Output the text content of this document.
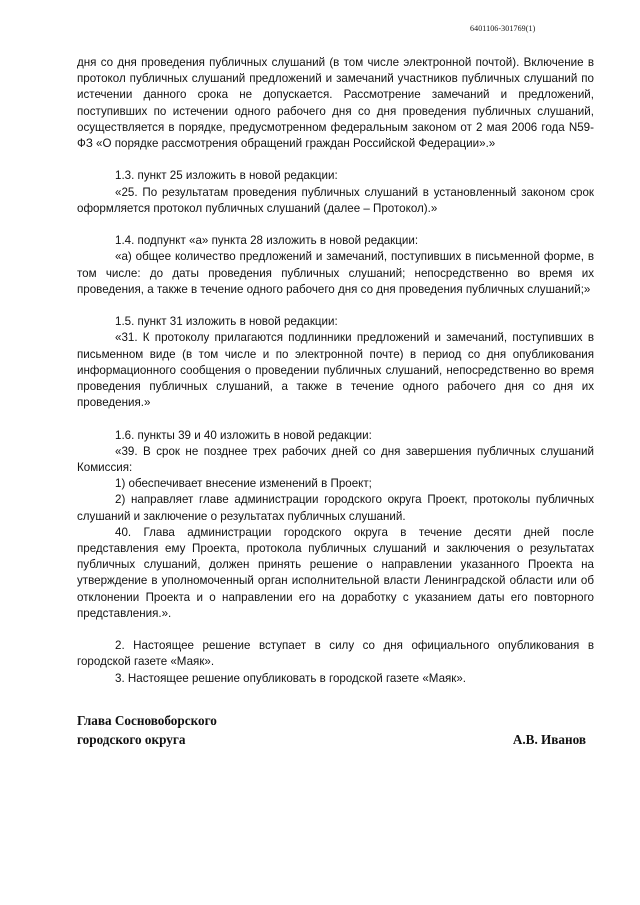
6401106-301769(1)

дня со дня проведения публичных слушаний (в том числе электронной почтой). Включение в протокол публичных слушаний предложений и замечаний участников публичных слушаний по истечении данного срока не допускается. Рассмотрение замечаний и предложений, поступивших по истечении одного рабочего дня со дня проведения публичных слушаний, осуществляется в порядке, предусмотренном федеральным законом от 2 мая 2006 года N59-ФЗ «О порядке рассмотрения обращений граждан Российской Федерации».»

1.3. пункт 25 изложить в новой редакции:

«25. По результатам проведения публичных слушаний в установленный законом срок оформляется протокол публичных слушаний (далее – Протокол).»

1.4. подпункт «а» пункта 28 изложить в новой редакции:

«а) общее количество предложений и замечаний, поступивших в письменной форме, в том числе: до даты проведения публичных слушаний; непосредственно во время их проведения, а также в течение одного рабочего дня со дня проведения публичных слушаний;»

1.5. пункт 31 изложить в новой редакции:

«31. К протоколу прилагаются подлинники предложений и замечаний, поступивших в письменном виде (в том числе и по электронной почте) в период со дня опубликования информационного сообщения о проведении публичных слушаний, непосредственно во время проведения публичных слушаний, а также в течение одного рабочего дня со дня их проведения.»

1.6. пункты 39 и 40 изложить в новой редакции:

«39. В срок не позднее трех рабочих дней со дня завершения публичных слушаний Комиссия:

1) обеспечивает внесение изменений в Проект;

2) направляет главе администрации городского округа Проект, протоколы публичных слушаний и заключение о результатах публичных слушаний.

40. Глава администрации городского округа в течение десяти дней после представления ему Проекта, протокола публичных слушаний и заключения о результатах публичных слушаний, должен принять решение о направлении указанного Проекта на утверждение в уполномоченный орган исполнительной власти Ленинградской области или об отклонении Проекта и о направлении его на доработку с указанием даты его повторного представления.».

2. Настоящее решение вступает в силу со дня официального опубликования в городской газете «Маяк».

3. Настоящее решение опубликовать в городской газете «Маяк».

Глава Сосновоборского
городского округа	А.В. Иванов
